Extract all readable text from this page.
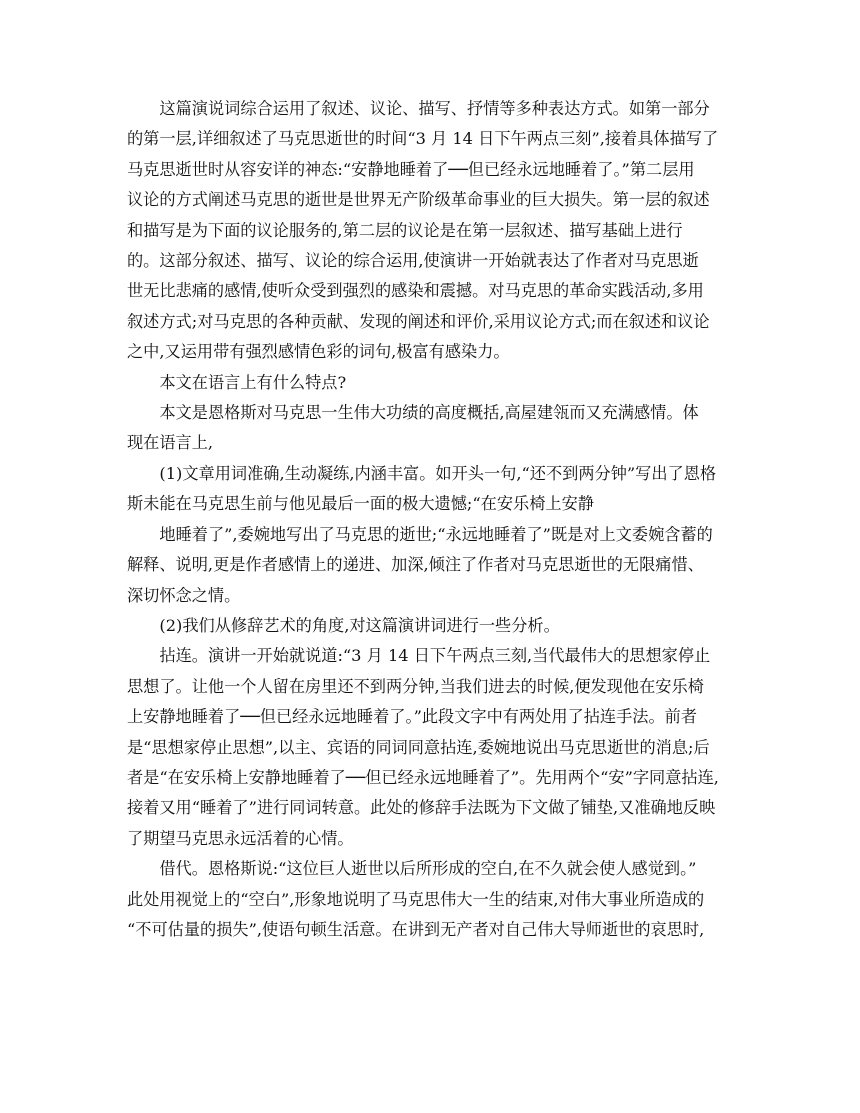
这篇演说词综合运用了叙述、议论、描写、抒情等多种表达方式。如第一部分
的第一层,详细叙述了马克思逝世的时间“3 月 14 日下午两点三刻”,接着具体描写了
马克思逝世时从容安详的神态:“安静地睡着了──但已经永远地睡着了。”第二层用
议论的方式阐述马克思的逝世是世界无产阶级革命事业的巨大损失。第一层的叙述
和描写是为下面的议论服务的,第二层的议论是在第一层叙述、描写基础上进行
的。这部分叙述、描写、议论的综合运用,使演讲一开始就表达了作者对马克思逝
世无比悲痛的感情,使听众受到强烈的感染和震撼。对马克思的革命实践活动,多用
叙述方式;对马克思的各种贡献、发现的阐述和评价,采用议论方式;而在叙述和议论
之中,又运用带有强烈感情色彩的词句,极富有感染力。
本文在语言上有什么特点?
本文是恩格斯对马克思一生伟大功绩的高度概括,高屋建瓴而又充满感情。体
现在语言上,
(1)文章用词准确,生动凝练,内涵丰富。如开头一句,“还不到两分钟”写出了恩格
斯未能在马克思生前与他见最后一面的极大遗憾;“在安乐椅上安静
地睡着了”,委婉地写出了马克思的逝世;“永远地睡着了”既是对上文委婉含蓄的
解释、说明,更是作者感情上的递进、加深,倾注了作者对马克思逝世的无限痛惜、
深切怀念之情。
(2)我们从修辞艺术的角度,对这篇演讲词进行一些分析。
拈连。演讲一开始就说道:“3 月 14 日下午两点三刻,当代最伟大的思想家停止
思想了。让他一个人留在房里还不到两分钟,当我们进去的时候,便发现他在安乐椅
上安静地睡着了──但已经永远地睡着了。”此段文字中有两处用了拈连手法。前者
是“思想家停止思想”,以主、宾语的同词同意拈连,委婉地说出马克思逝世的消息;后
者是“在安乐椅上安静地睡着了──但已经永远地睡着了”。先用两个“安”字同意拈连,
接着又用“睡着了”进行同词转意。此处的修辞手法既为下文做了铺垫,又准确地反映
了期望马克思永远活着的心情。
借代。恩格斯说:“这位巨人逝世以后所形成的空白,在不久就会使人感觉到。”
此处用视觉上的“空白”,形象地说明了马克思伟大一生的结束,对伟大事业所造成的
“不可估量的损失”,使语句顿生活意。在讲到无产者对自己伟大导师逝世的哀思时,
